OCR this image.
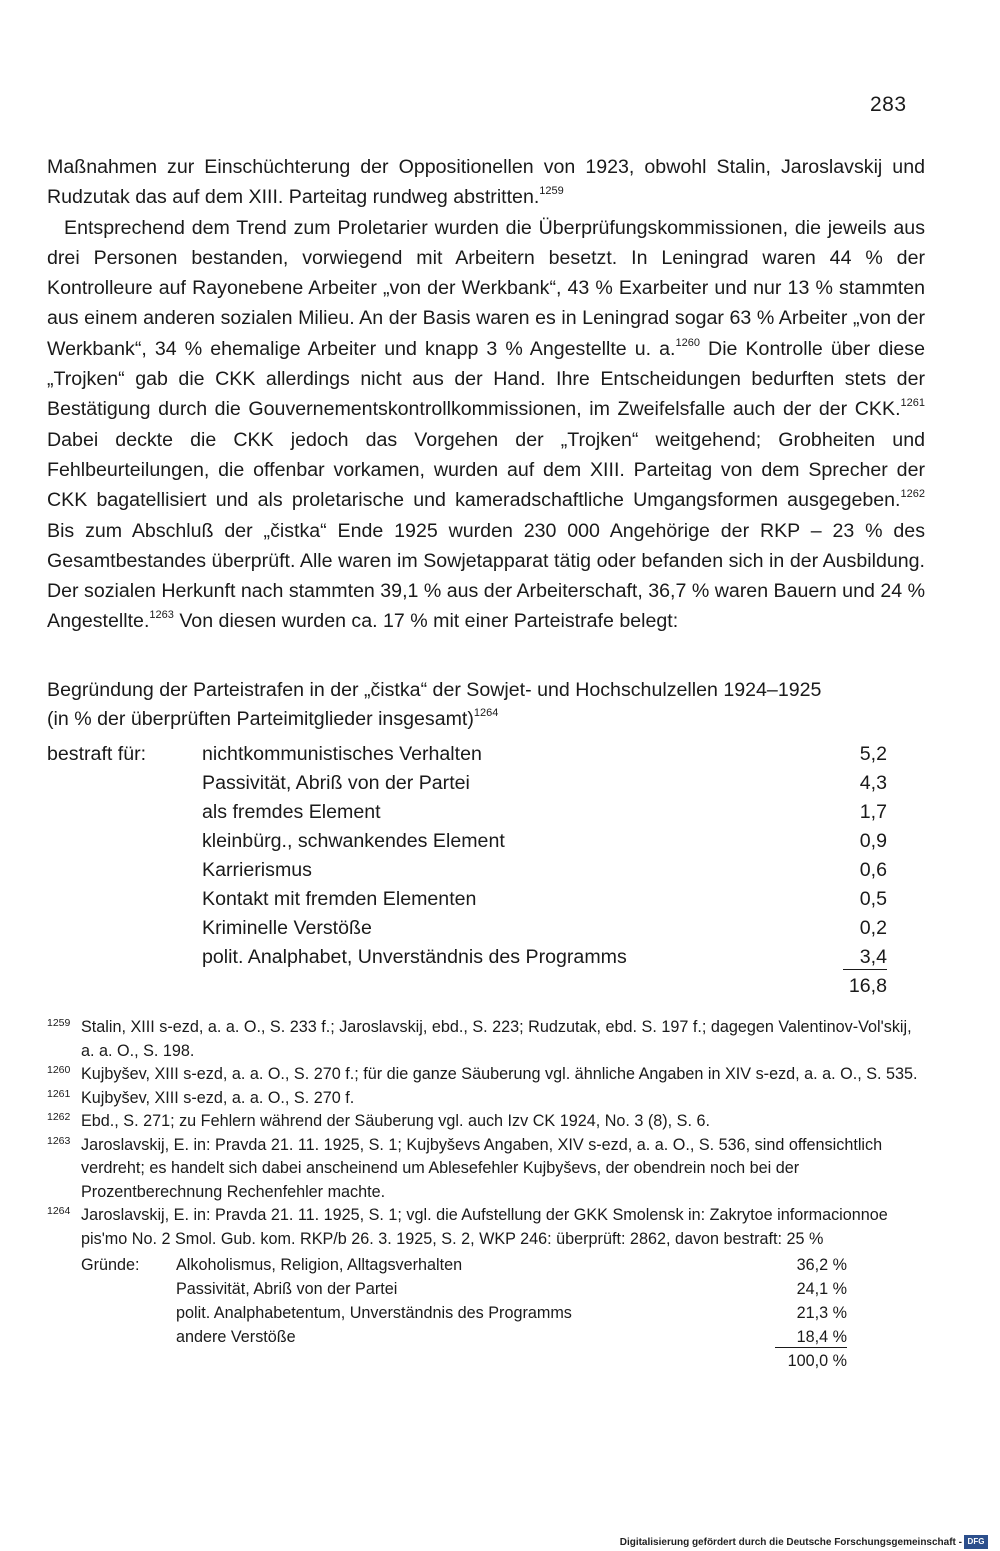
283

Maßnahmen zur Einschüchterung der Oppositionellen von 1923, obwohl Stalin, Jaroslavskij und Rudzutak das auf dem XIII. Parteitag rundweg abstritten.$^{1259}$

Entsprechend dem Trend zum Proletarier wurden die Überprüfungskommissionen, die jeweils aus drei Personen bestanden, vorwiegend mit Arbeitern besetzt. In Leningrad waren 44 % der Kontrolleure auf Rayonebene Arbeiter „von der Werkbank“, 43 % Exarbeiter und nur 13 % stammten aus einem anderen sozialen Milieu. An der Basis waren es in Leningrad sogar 63 % Arbeiter „von der Werkbank“, 34 % ehemalige Arbeiter und knapp 3 % Angestellte u. a.$^{1260}$ Die Kontrolle über diese „Trojken“ gab die CKK allerdings nicht aus der Hand. Ihre Entscheidungen bedurften stets der Bestätigung durch die Gouvernementskontrollkommissionen, im Zweifelsfalle auch der der CKK.$^{1261}$ Dabei deckte die CKK jedoch das Vorgehen der „Trojken“ weitgehend; Grobheiten und Fehlbeurteilungen, die offenbar vorkamen, wurden auf dem XIII. Parteitag von dem Sprecher der CKK bagatellisiert und als proletarische und kameradschaftliche Umgangsformen ausgegeben.$^{1262}$ Bis zum Abschluß der „čistka“ Ende 1925 wurden 230 000 Angehörige der RKP – 23 % des Gesamtbestandes überprüft. Alle waren im Sowjetapparat tätig oder befanden sich in der Ausbildung. Der sozialen Herkunft nach stammten 39,1 % aus der Arbeiterschaft, 36,7 % waren Bauern und 24 % Angestellte.$^{1263}$ Von diesen wurden ca. 17 % mit einer Parteistrafe belegt:

Begründung der Parteistrafen in der „čistka“ der Sowjet- und Hochschulzellen 1924–1925
(in % der überprüften Parteimitglieder insgesamt)$^{1264}$
bestraft für:	nichtkommunistisches Verhalten	5,2
Passivität, Abriß von der Partei	4,3
als fremdes Element	1,7
kleinbürg., schwankendes Element	0,9
Karrierismus	0,6
Kontakt mit fremden Elementen	0,5
Kriminelle Verstöße	0,2
polit. Analphabet, Unverständnis des Programms	3,4
16,8
1259 Stalin, XIII s-ezd, a. a. O., S. 233 f.; Jaroslavskij, ebd., S. 223; Rudzutak, ebd. S. 197 f.; dagegen Valentinov-Vol'skij, a. a. O., S. 198.
1260 Kujbyšev, XIII s-ezd, a. a. O., S. 270 f.; für die ganze Säuberung vgl. ähnliche Angaben in XIV s-ezd, a. a. O., S. 535.
1261 Kujbyšev, XIII s-ezd, a. a. O., S. 270 f.
1262 Ebd., S. 271; zu Fehlern während der Säuberung vgl. auch Izv CK 1924, No. 3 (8), S. 6.
1263 Jaroslavskij, E. in: Pravda 21. 11. 1925, S. 1; Kujbyševs Angaben, XIV s-ezd, a. a. O., S. 536, sind offensichtlich verdreht; es handelt sich dabei anscheinend um Ablesefehler Kujbyševs, der obendrein noch bei der Prozentberechnung Rechenfehler machte.
1264 Jaroslavskij, E. in: Pravda 21. 11. 1925, S. 1; vgl. die Aufstellung der GKK Smolensk in: Zakrytoe informacionnoe pis'mo No. 2 Smol. Gub. kom. RKP/b 26. 3. 1925, S. 2, WKP 246: überprüft: 2862, davon bestraft: 25 %
Gründe: Alkoholismus, Religion, Alltagsverhalten	36,2 %
Passivität, Abriß von der Partei	24,1 %
polit. Analphabetentum, Unverständnis des Programms	21,3 %
andere Verstöße	18,4 %
100,0 %
Digitalisierung gefördert durch die Deutsche Forschungsgemeinschaft - DFG
